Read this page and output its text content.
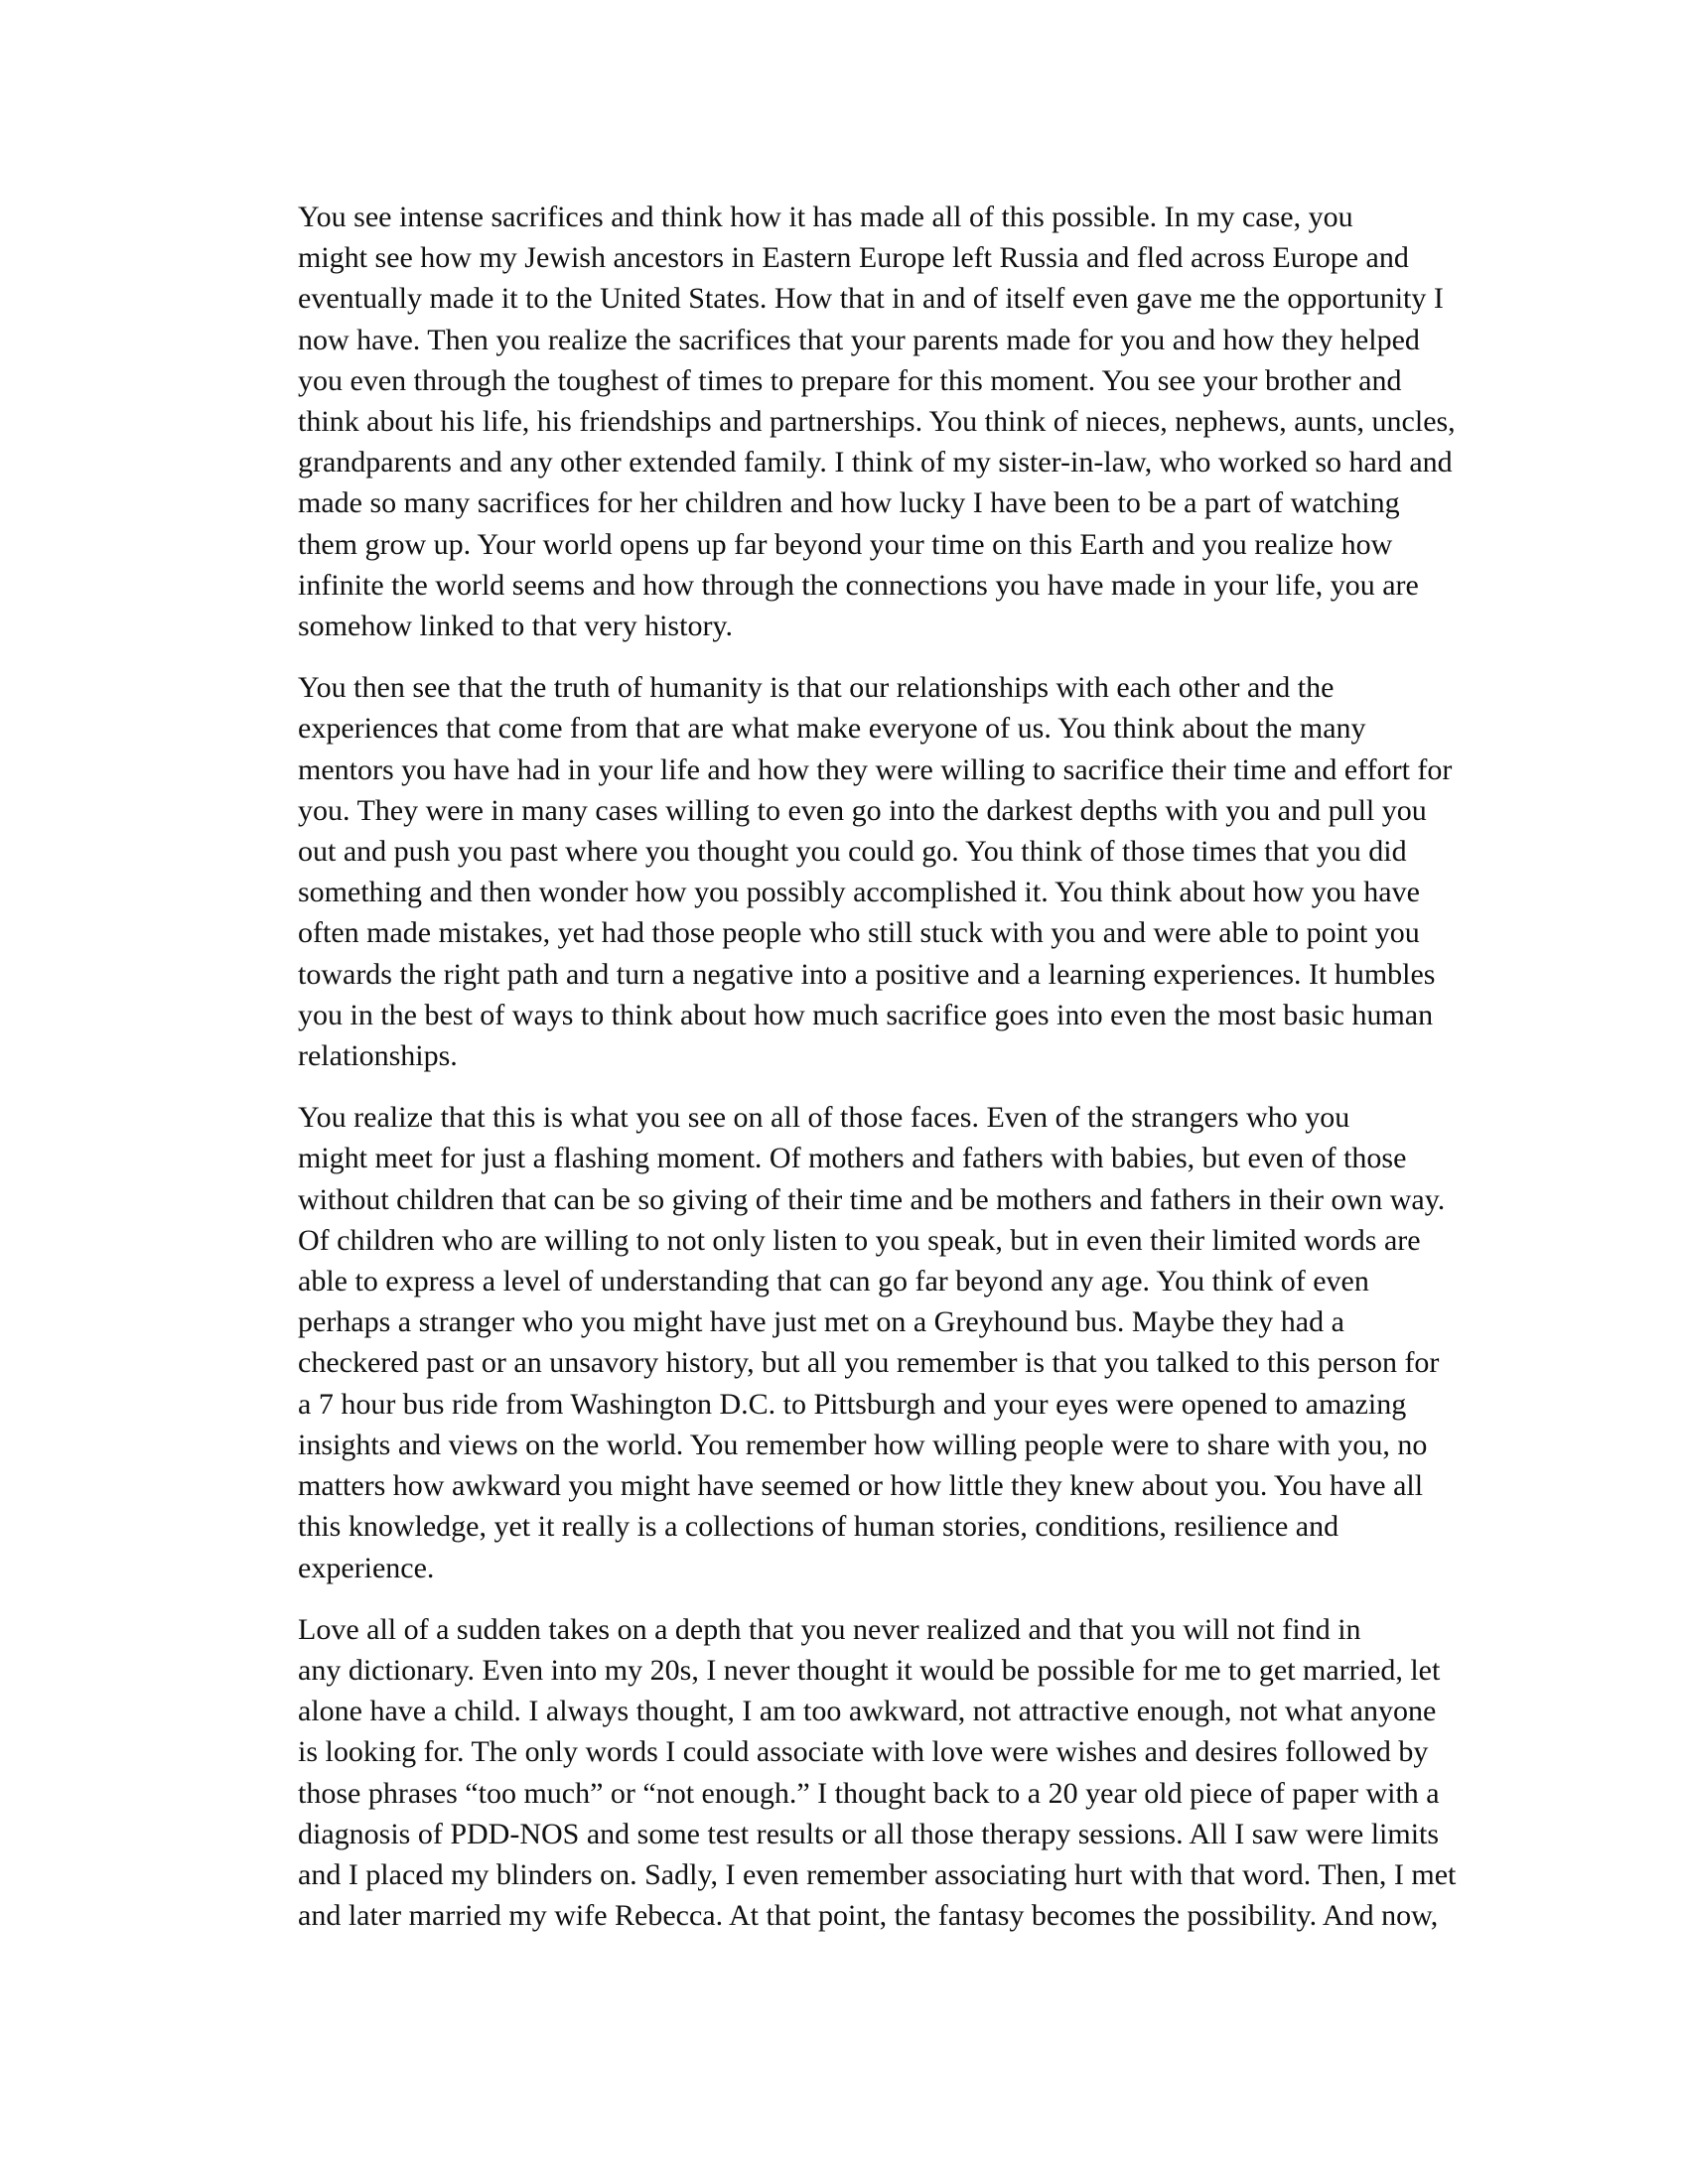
You see intense sacrifices and think how it has made all of this possible. In my case, you
might see how my Jewish ancestors in Eastern Europe left Russia and fled across Europe and
eventually made it to the United States. How that in and of itself even gave me the opportunity I
now have. Then you realize the sacrifices that your parents made for you and how they helped
you even through the toughest of times to prepare for this moment. You see your brother and
think about his life, his friendships and partnerships. You think of nieces, nephews, aunts, uncles,
grandparents and any other extended family. I think of my sister-in-law, who worked so hard and
made so many sacrifices for her children and how lucky I have been to be a part of watching
them grow up. Your world opens up far beyond your time on this Earth and you realize how
infinite the world seems and how through the connections you have made in your life, you are
somehow linked to that very history.

You then see that the truth of humanity is that our relationships with each other and the
experiences that come from that are what make everyone of us. You think about the many
mentors you have had in your life and how they were willing to sacrifice their time and effort for
you. They were in many cases willing to even go into the darkest depths with you and pull you
out and push you past where you thought you could go. You think of those times that you did
something and then wonder how you possibly accomplished it. You think about how you have
often made mistakes, yet had those people who still stuck with you and were able to point you
towards the right path and turn a negative into a positive and a learning experiences. It humbles
you in the best of ways to think about how much sacrifice goes into even the most basic human
relationships.

You realize that this is what you see on all of those faces. Even of the strangers who you
might meet for just a flashing moment. Of mothers and fathers with babies, but even of those
without children that can be so giving of their time and be mothers and fathers in their own way.
Of children who are willing to not only listen to you speak, but in even their limited words are
able to express a level of understanding that can go far beyond any age. You think of even
perhaps a stranger who you might have just met on a Greyhound bus. Maybe they had a
checkered past or an unsavory history, but all you remember is that you talked to this person for
a 7 hour bus ride from Washington D.C. to Pittsburgh and your eyes were opened to amazing
insights and views on the world. You remember how willing people were to share with you, no
matters how awkward you might have seemed or how little they knew about you. You have all
this knowledge, yet it really is a collections of human stories, conditions, resilience and
experience.

Love all of a sudden takes on a depth that you never realized and that you will not find in
any dictionary. Even into my 20s, I never thought it would be possible for me to get married, let
alone have a child. I always thought, I am too awkward, not attractive enough, not what anyone
is looking for. The only words I could associate with love were wishes and desires followed by
those phrases “too much” or “not enough.” I thought back to a 20 year old piece of paper with a
diagnosis of PDD-NOS and some test results or all those therapy sessions. All I saw were limits
and I placed my blinders on. Sadly, I even remember associating hurt with that word. Then, I met
and later married my wife Rebecca. At that point, the fantasy becomes the possibility. And now,
